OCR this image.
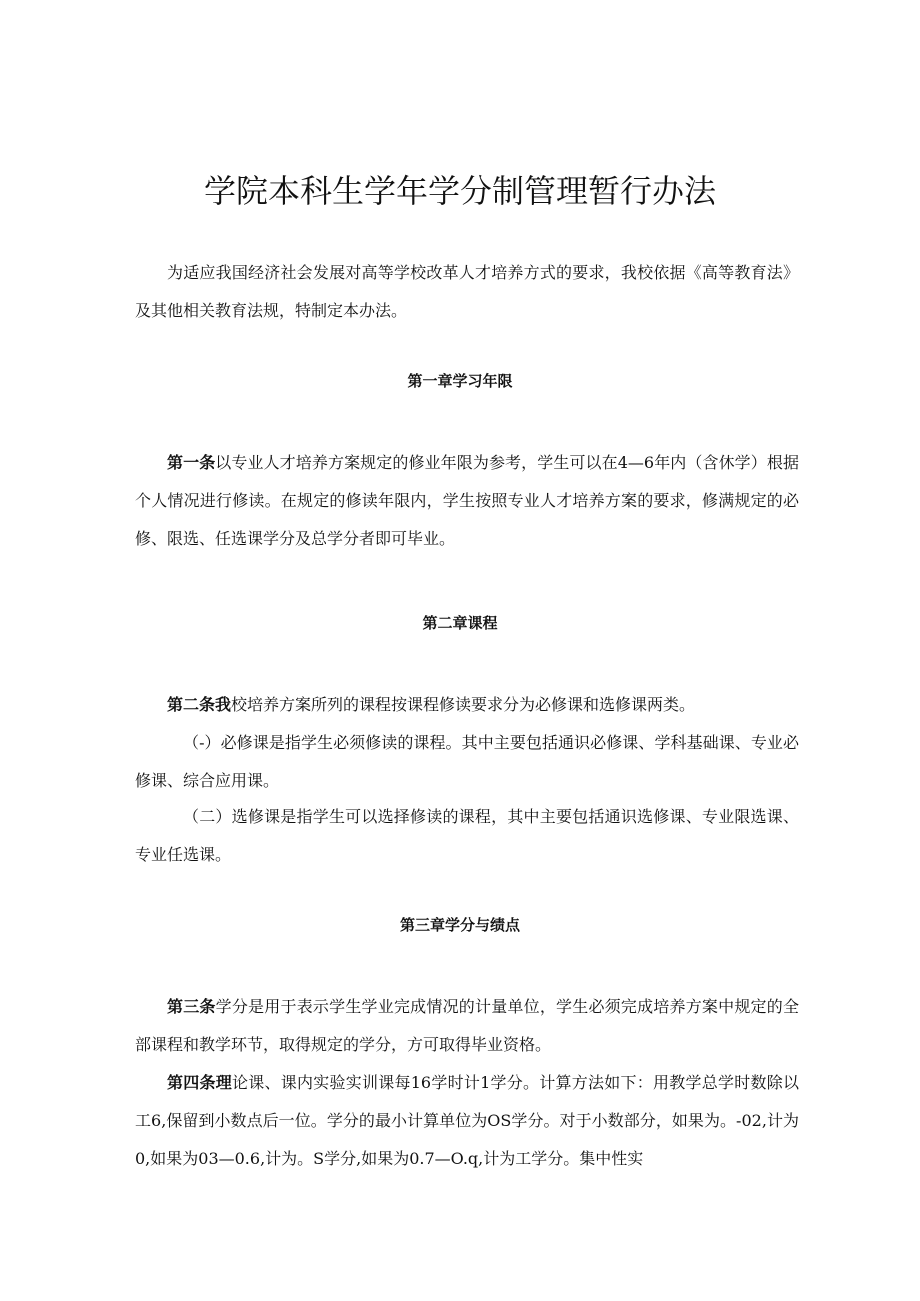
学院本科生学年学分制管理暂行办法

为适应我国经济社会发展对高等学校改革人才培养方式的要求，我校依据《高等教育法》及其他相关教育法规，特制定本办法。

第一章学习年限

第一条以专业人才培养方案规定的修业年限为参考，学生可以在4—6年内（含休学）根据个人情况进行修读。在规定的修读年限内，学生按照专业人才培养方案的要求，修满规定的必修、限选、任选课学分及总学分者即可毕业。

第二章课程

第二条我校培养方案所列的课程按课程修读要求分为必修课和选修课两类。

（-）必修课是指学生必须修读的课程。其中主要包括通识必修课、学科基础课、专业必修课、综合应用课。

（二）选修课是指学生可以选择修读的课程，其中主要包括通识选修课、专业限选课、专业任选课。

第三章学分与绩点

第三条学分是用于表示学生学业完成情况的计量单位，学生必须完成培养方案中规定的全部课程和教学环节，取得规定的学分，方可取得毕业资格。

第四条理论课、课内实验实训课每16学时计1学分。计算方法如下：用教学总学时数除以工6,保留到小数点后一位。学分的最小计算单位为OS学分。对于小数部分，如果为。-02,计为0,如果为03—0.6,计为。S学分,如果为0.7—O.q,计为工学分。集中性实
